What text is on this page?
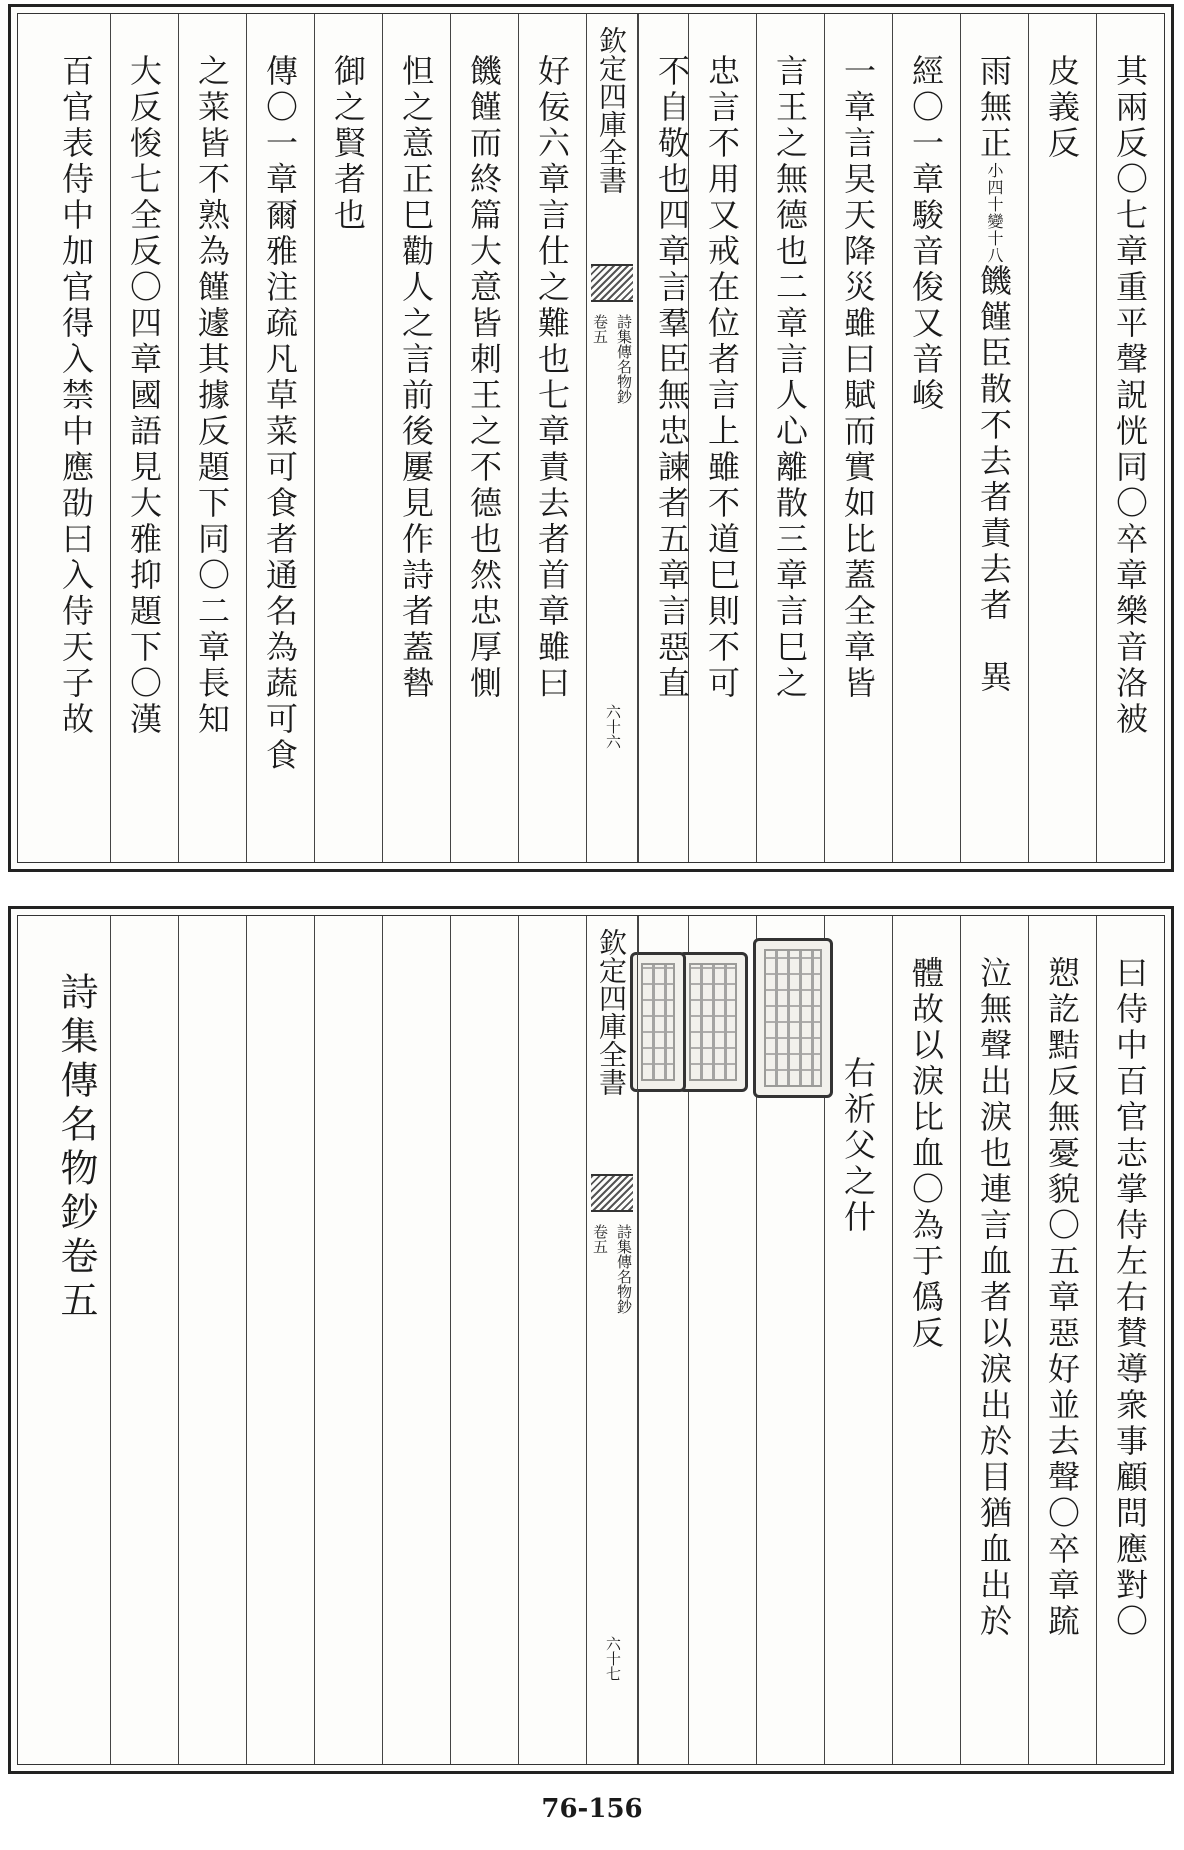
其兩反〇七章重平聲詋恍同〇卒章樂音洛被
皮義反
雨無正小四十變十八饑饉臣散不去者責去者　異
經〇一章駿音俊又音峻
一章言旲天降災雖曰賦而實如比蓋全章皆
言王之無德也二章言人心離散三章言巳之
忠言不用又戒在位者言上雖不道巳則不可
不自敬也四章言羣臣無忠諫者五章言惡直
欽定四庫全書
詩集傳名物鈔
卷五
六十六
好佞六章言仕之難也七章責去者首章雖曰
饑饉而終篇大意皆刺王之不德也然忠厚惻
怛之意正巳勸人之言前後屢見作詩者蓋暬
御之賢者也
傳〇一章爾雅注疏凡草菜可食者通名為蔬可食
之菜皆不熟為饉遽其據反題下同〇二章長知
大反悛七全反〇四章國語見大雅抑題下〇漢
百官表侍中加官得入禁中應劭曰入侍天子故
曰侍中百官志掌侍左右賛導衆事顧問應對〇
愬訖黠反無憂貌〇五章惡好並去聲〇卒章䟽
泣無聲出淚也連言血者以淚出於目猶血出於
體故以淚比血〇為于僞反
右祈父之什
欽定四庫全書
詩集傳名物鈔
卷五
六十七
詩集傳名物鈔卷五
76-156
